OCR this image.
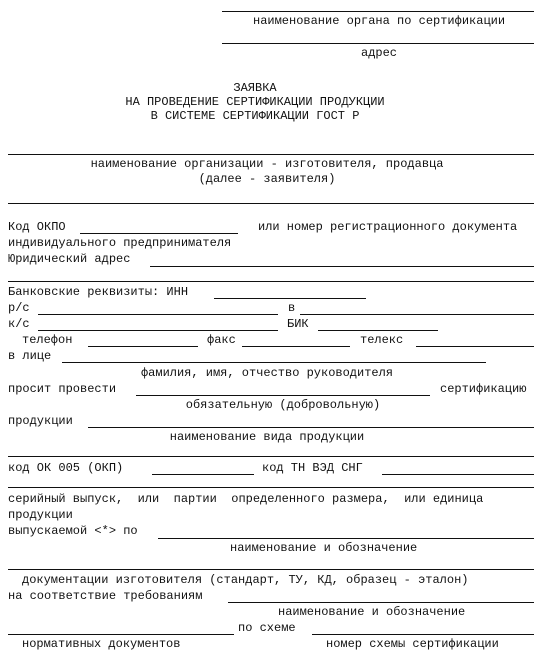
наименование органа по сертификации
адрес
ЗАЯВКА
НА ПРОВЕДЕНИЕ СЕРТИФИКАЦИИ ПРОДУКЦИИ
В СИСТЕМЕ СЕРТИФИКАЦИИ ГОСТ Р
наименование организации - изготовителя, продавца
(далее - заявителя)
Код ОКПО	или номер регистрационного документа
индивидуального предпринимателя
Юридический адрес
Банковские реквизиты: ИНН
р/с	в
к/с	БИК
телефон	факс	телекс
в лице
фамилия, имя, отчество руководителя
просит провести	сертификацию
обязательную (добровольную)
продукции
наименование вида продукции
код ОК 005 (ОКП)	код ТН ВЭД СНГ
серийный выпуск,  или  партии  определенного размера,  или единица
продукции
выпускаемой <*> по
наименование и обозначение
документации изготовителя (стандарт, ТУ, КД, образец - эталон)
на соответствие требованиям
наименование и обозначение
по схеме
нормативных документов	номер схемы сертификации
